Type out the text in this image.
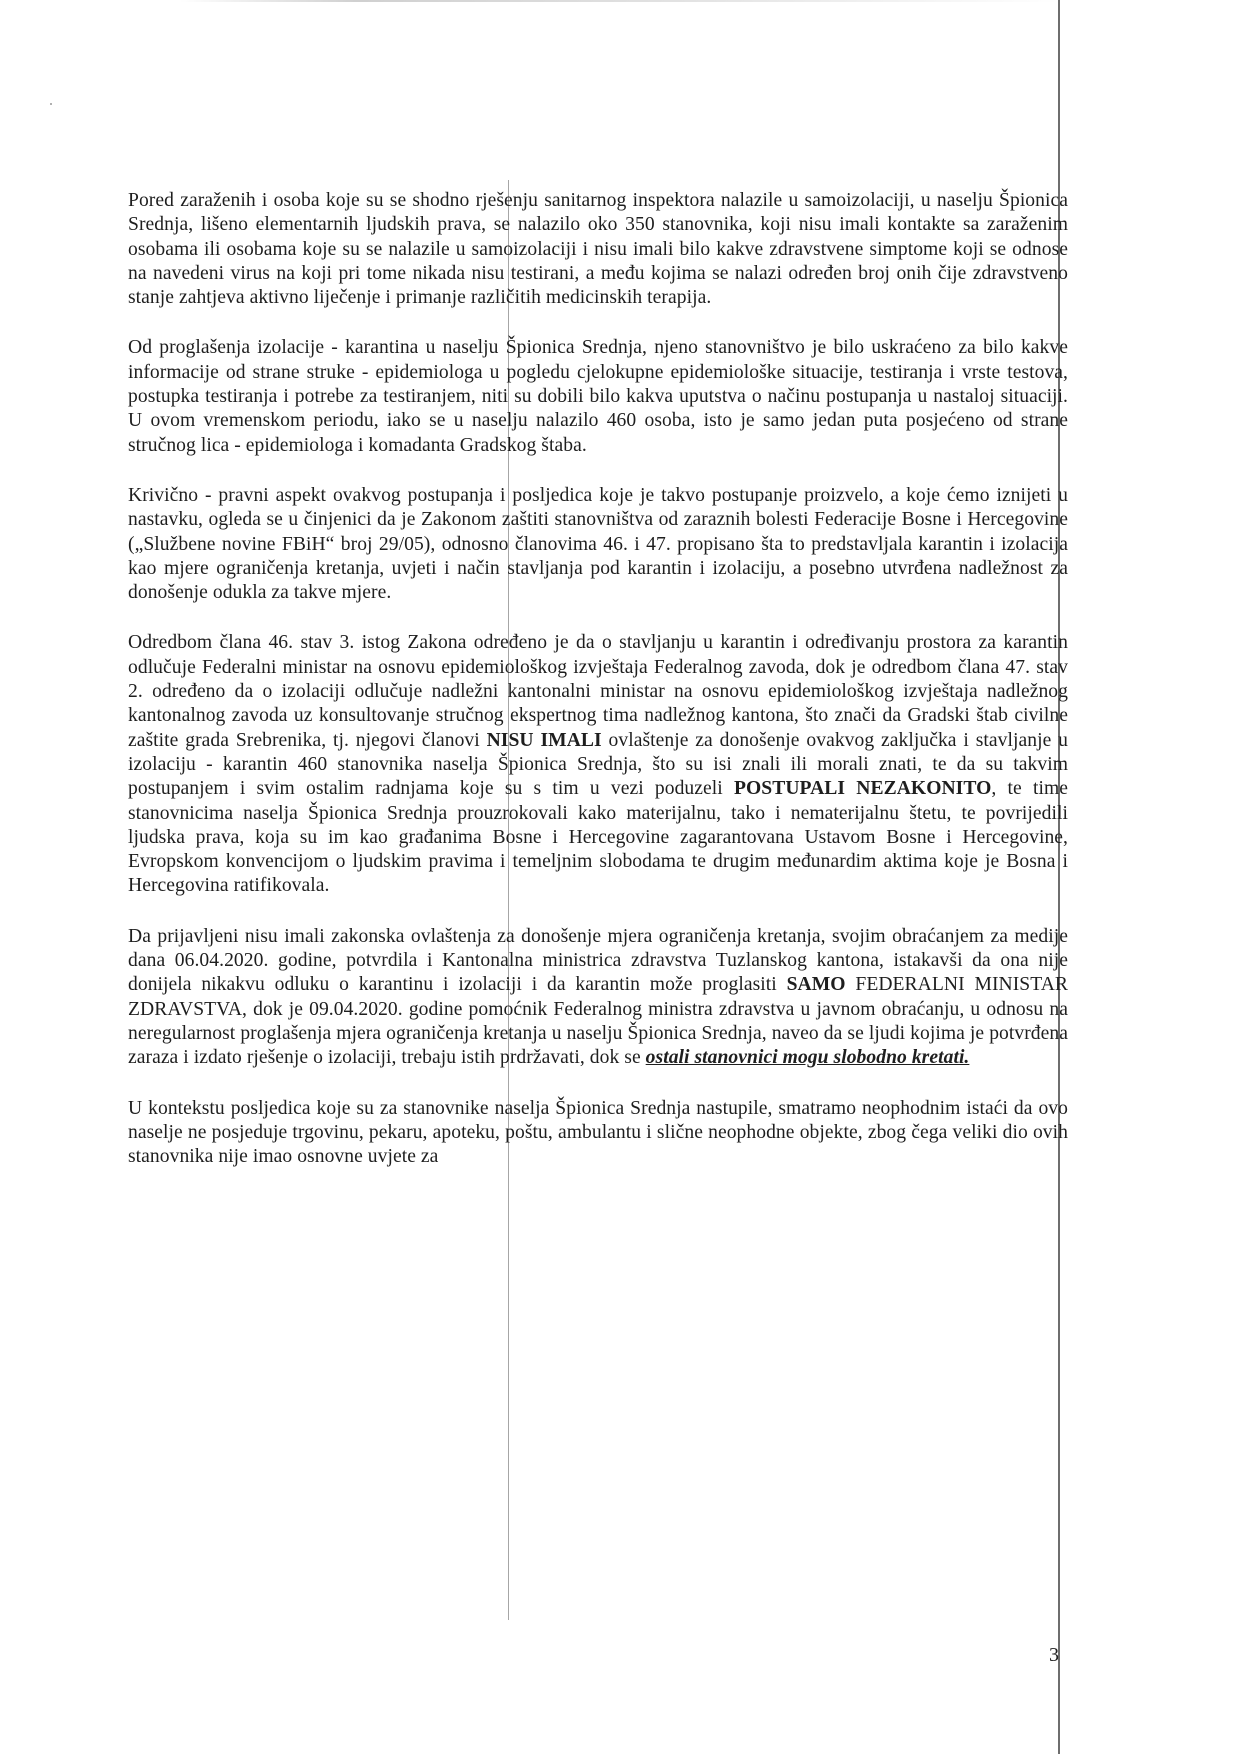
Pored zaraženih i osoba koje su se shodno rješenju sanitarnog inspektora nalazile u samoizolaciji, u naselju Špionica Srednja, lišeno elementarnih ljudskih prava, se nalazilo oko 350 stanovnika, koji nisu imali kontakte sa zaraženim osobama ili osobama koje su se nalazile u samoizolaciji i nisu imali bilo kakve zdravstvene simptome koji se odnose na navedeni virus na koji pri tome nikada nisu testirani, a među kojima se nalazi određen broj onih čije zdravstveno stanje zahtjeva aktivno liječenje i primanje različitih medicinskih terapija.

Od proglašenja izolacije - karantina u naselju Špionica Srednja, njeno stanovništvo je bilo uskraćeno za bilo kakve informacije od strane struke - epidemiologa u pogledu cjelokupne epidemiološke situacije, testiranja i vrste testova, postupka testiranja i potrebe za testiranjem, niti su dobili bilo kakva uputstva o načinu postupanja u nastaloj situaciji. U ovom vremenskom periodu, iako se u naselju nalazilo 460 osoba, isto je samo jedan puta posjećeno od strane stručnog lica - epidemiologa i komadanta Gradskog štaba.

Krivično - pravni aspekt ovakvog postupanja i posljedica koje je takvo postupanje proizvelo, a koje ćemo iznijeti u nastavku, ogleda se u činjenici da je Zakonom zaštiti stanovništva od zaraznih bolesti Federacije Bosne i Hercegovine („Službene novine FBiH“ broj 29/05), odnosno članovima 46. i 47. propisano šta to predstavljala karantin i izolacija kao mjere ograničenja kretanja, uvjeti i način stavljanja pod karantin i izolaciju, a posebno utvrđena nadležnost za donošenje odukla za takve mjere.

Odredbom člana 46. stav 3. istog Zakona određeno je da o stavljanju u karantin i određivanju prostora za karantin odlučuje Federalni ministar na osnovu epidemiološkog izvještaja Federalnog zavoda, dok je odredbom člana 47. stav 2. određeno da o izolaciji odlučuje nadležni kantonalni ministar na osnovu epidemiološkog izvještaja nadležnog kantonalnog zavoda uz konsultovanje stručnog ekspertnog tima nadležnog kantona, što znači da Gradski štab civilne zaštite grada Srebrenika, tj. njegovi članovi NISU IMALI ovlaštenje za donošenje ovakvog zaključka i stavljanje u izolaciju - karantin 460 stanovnika naselja Špionica Srednja, što su isi znali ili morali znati, te da su takvim postupanjem i svim ostalim radnjama koje su s tim u vezi poduzeli POSTUPALI NEZAKONITO, te time stanovnicima naselja Špionica Srednja prouzrokovali kako materijalnu, tako i nematerijalnu štetu, te povrijedili ljudska prava, koja su im kao građanima Bosne i Hercegovine zagarantovana Ustavom Bosne i Hercegovine, Evropskom konvencijom o ljudskim pravima i temeljnim slobodama te drugim međunardim aktima koje je Bosna i Hercegovina ratifikovala.

Da prijavljeni nisu imali zakonska ovlaštenja za donošenje mjera ograničenja kretanja, svojim obraćanjem za medije dana 06.04.2020. godine, potvrdila i Kantonalna ministrica zdravstva Tuzlanskog kantona, istakavši da ona nije donijela nikakvu odluku o karantinu i izolaciji i da karantin može proglasiti SAMO FEDERALNI MINISTAR ZDRAVSTVA, dok je 09.04.2020. godine pomoćnik Federalnog ministra zdravstva u javnom obraćanju, u odnosu na neregularnost proglašenja mjera ograničenja kretanja u naselju Špionica Srednja, naveo da se ljudi kojima je potvrđena zaraza i izdato rješenje o izolaciji, trebaju istih prdržavati, dok se ostali stanovnici mogu slobodno kretati.

U kontekstu posljedica koje su za stanovnike naselja Špionica Srednja nastupile, smatramo neophodnim istaći da ovo naselje ne posjeduje trgovinu, pekaru, apoteku, poštu, ambulantu i slične neophodne objekte, zbog čega veliki dio ovih stanovnika nije imao osnovne uvjete za

3
